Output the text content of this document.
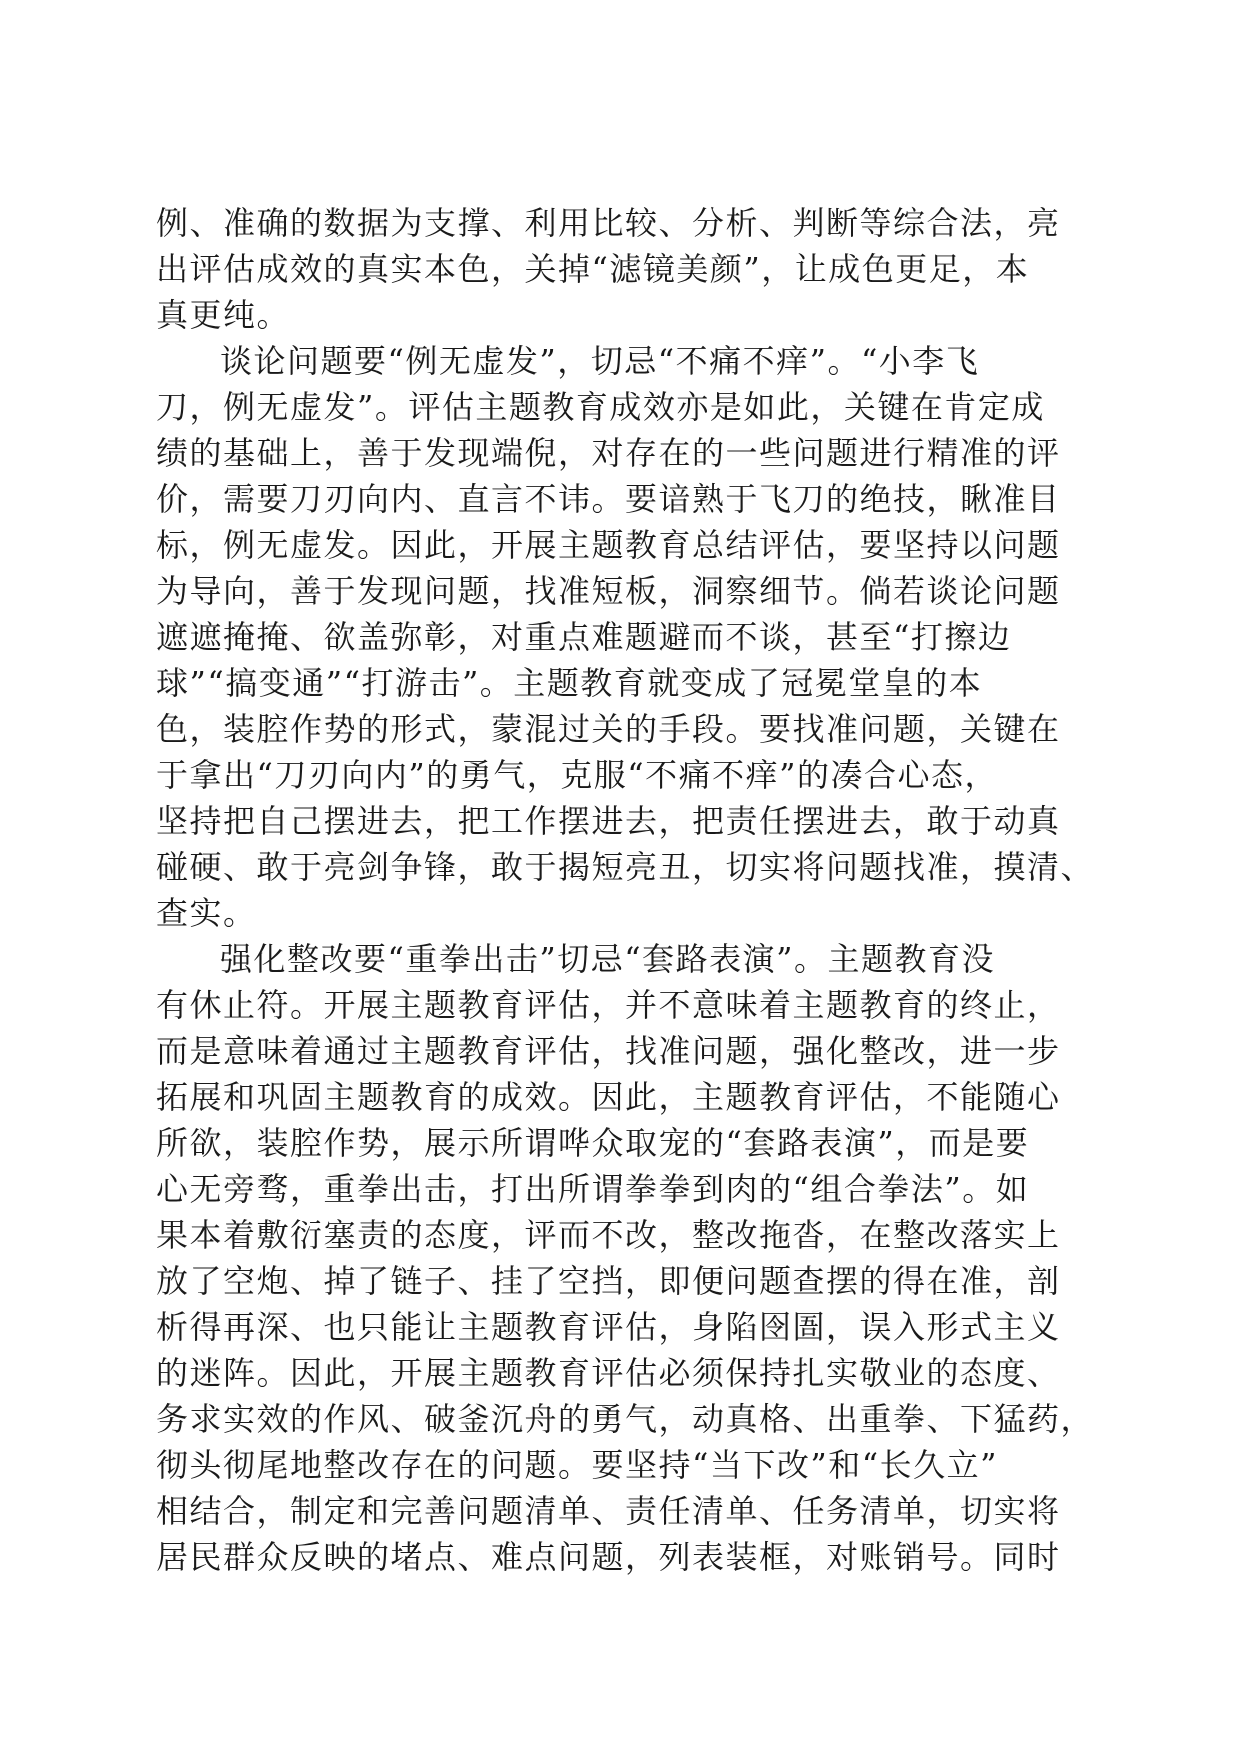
例、准确的数据为支撑、利用比较、分析、判断等综合法，亮
出评估成效的真实本色，关掉“滤镜美颜”，让成色更足，本
真更纯。
谈论问题要“例无虚发”，切忌“不痛不痒”。“小李飞
刀，例无虚发”。评估主题教育成效亦是如此，关键在肯定成
绩的基础上，善于发现端倪，对存在的一些问题进行精准的评
价，需要刀刃向内、直言不讳。要谙熟于飞刀的绝技，瞅准目
标，例无虚发。因此，开展主题教育总结评估，要坚持以问题
为导向，善于发现问题，找准短板，洞察细节。倘若谈论问题
遮遮掩掩、欲盖弥彰，对重点难题避而不谈，甚至“打擦边
球”“搞变通”“打游击”。主题教育就变成了冠冕堂皇的本
色，装腔作势的形式，蒙混过关的手段。要找准问题，关键在
于拿出“刀刃向内”的勇气，克服“不痛不痒”的凑合心态，
坚持把自己摆进去，把工作摆进去，把责任摆进去，敢于动真
碰硬、敢于亮剑争锋，敢于揭短亮丑，切实将问题找准，摸清、
查实。
强化整改要“重拳出击”切忌“套路表演”。主题教育没
有休止符。开展主题教育评估，并不意味着主题教育的终止，
而是意味着通过主题教育评估，找准问题，强化整改，进一步
拓展和巩固主题教育的成效。因此，主题教育评估，不能随心
所欲，装腔作势，展示所谓哗众取宠的“套路表演”，而是要
心无旁骛，重拳出击，打出所谓拳拳到肉的“组合拳法”。如
果本着敷衍塞责的态度，评而不改，整改拖沓，在整改落实上
放了空炮、掉了链子、挂了空挡，即便问题查摆的得在准，剖
析得再深、也只能让主题教育评估，身陷囹圄，误入形式主义
的迷阵。因此，开展主题教育评估必须保持扎实敬业的态度、
务求实效的作风、破釜沉舟的勇气，动真格、出重拳、下猛药，
彻头彻尾地整改存在的问题。要坚持“当下改”和“长久立”
相结合，制定和完善问题清单、责任清单、任务清单，切实将
居民群众反映的堵点、难点问题，列表装框，对账销号。同时
